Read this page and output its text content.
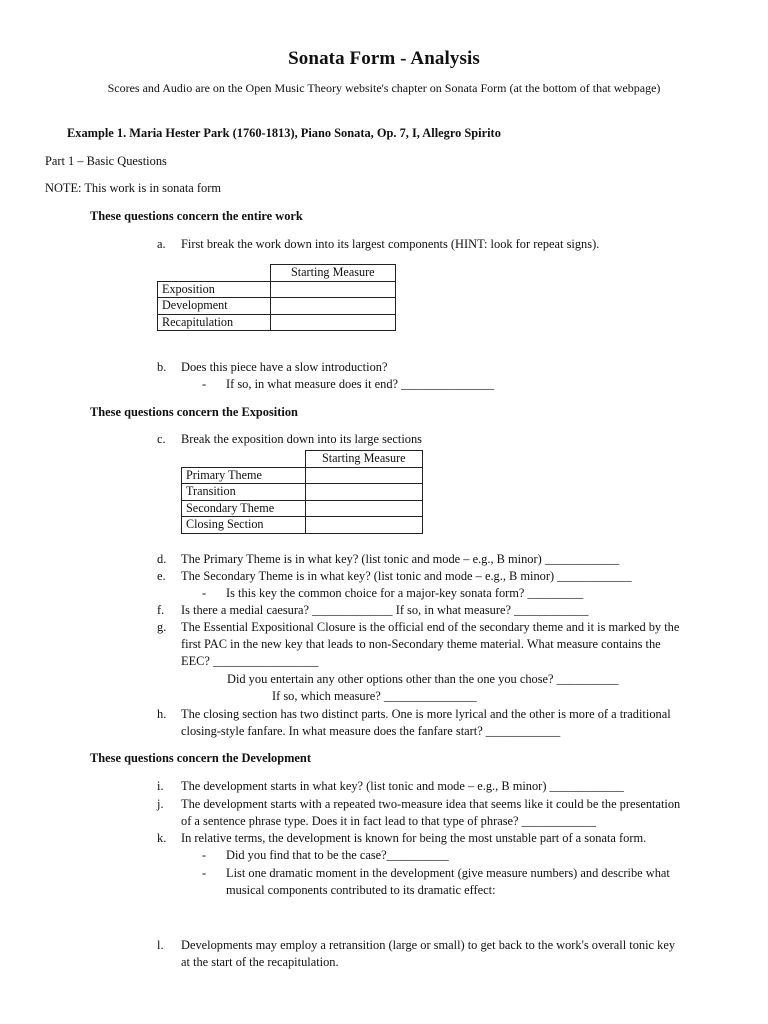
Sonata Form - Analysis
Scores and Audio are on the Open Music Theory website's chapter on Sonata Form (at the bottom of that webpage)
Example 1. Maria Hester Park (1760-1813), Piano Sonata, Op. 7, I, Allegro Spirito
Part 1 – Basic Questions
NOTE: This work is in sonata form
These questions concern the entire work
a. First break the work down into its largest components (HINT: look for repeat signs).
	Starting Measure
Exposition	
Development	
Recapitulation	
b. Does this piece have a slow introduction?
- If so, in what measure does it end? _______________
These questions concern the Exposition
c. Break the exposition down into its large sections
	Starting Measure
Primary Theme	
Transition	
Secondary Theme	
Closing Section	
d. The Primary Theme is in what key? (list tonic and mode – e.g., B minor) ____________
e. The Secondary Theme is in what key? (list tonic and mode – e.g., B minor) ____________
- Is this key the common choice for a major-key sonata form? _________
f. Is there a medial caesura? _____________ If so, in what measure? ____________
g. The Essential Expositional Closure is the official end of the secondary theme and it is marked by the
first PAC in the new key that leads to non-Secondary theme material. What measure contains the
EEC? _________________
Did you entertain any other options other than the one you chose? __________
If so, which measure? _______________
h. The closing section has two distinct parts. One is more lyrical and the other is more of a traditional
closing-style fanfare. In what measure does the fanfare start? ____________
These questions concern the Development
i. The development starts in what key? (list tonic and mode – e.g., B minor) ____________
j. The development starts with a repeated two-measure idea that seems like it could be the presentation
of a sentence phrase type. Does it in fact lead to that type of phrase? ____________
k. In relative terms, the development is known for being the most unstable part of a sonata form.
- Did you find that to be the case?__________
- List one dramatic moment in the development (give measure numbers) and describe what
musical components contributed to its dramatic effect:
l. Developments may employ a retransition (large or small) to get back to the work's overall tonic key
at the start of the recapitulation.
